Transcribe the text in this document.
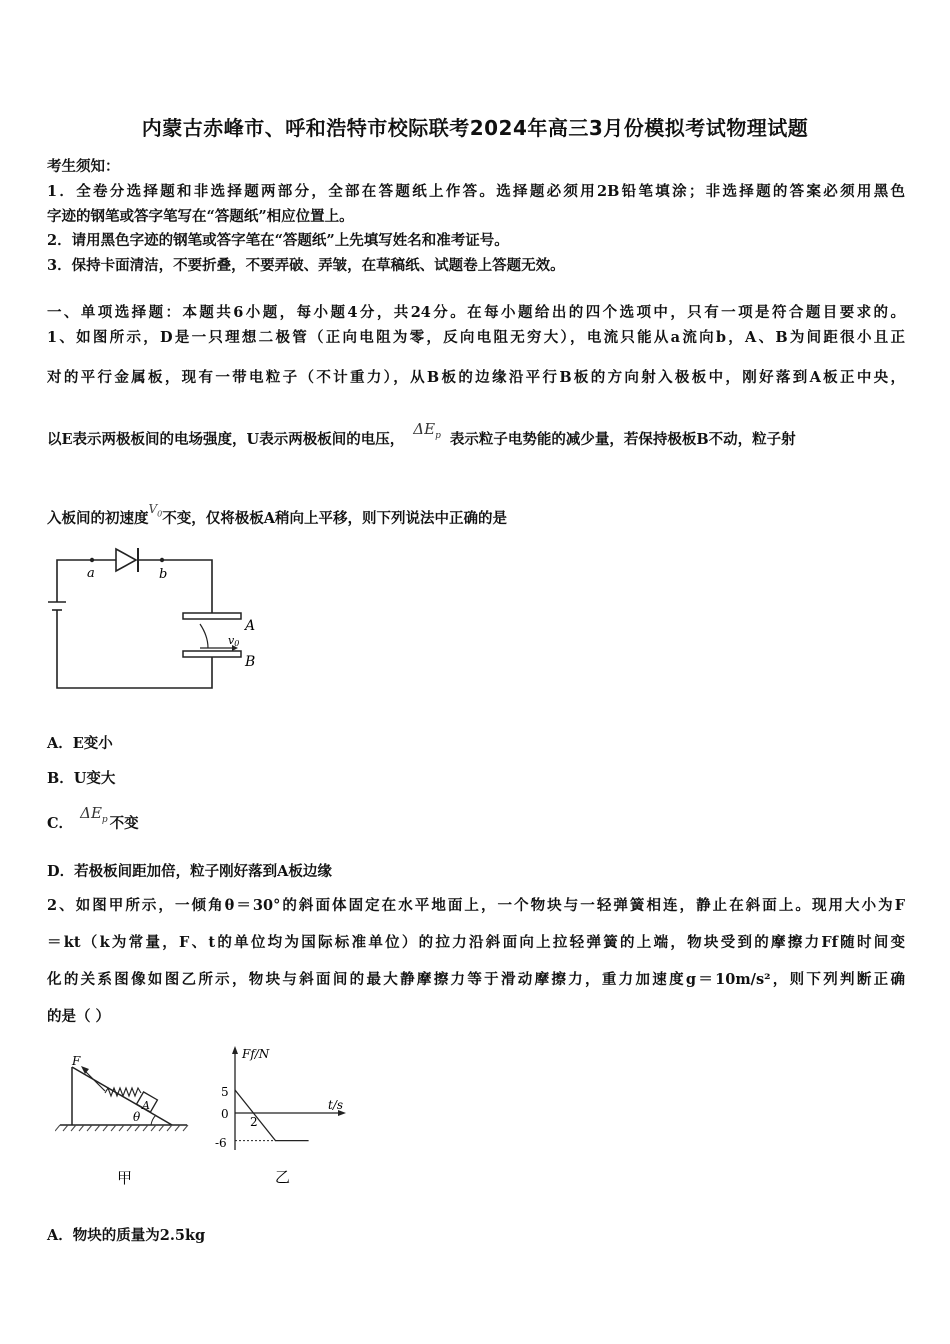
内蒙古赤峰市、呼和浩特市校际联考2024年高三3月份模拟考试物理试题
考生须知：
1．全卷分选择题和非选择题两部分，全部在答题纸上作答。选择题必须用2B铅笔填涂；非选择题的答案必须用黑色
字迹的钢笔或答字笔写在“答题纸”相应位置上。
2．请用黑色字迹的钢笔或答字笔在“答题纸”上先填写姓名和准考证号。
3．保持卡面清洁，不要折叠，不要弄破、弄皱，在草稿纸、试题卷上答题无效。
一、单项选择题：本题共6小题，每小题4分，共24分。在每小题给出的四个选项中，只有一项是符合题目要求的。
1、如图所示，D是一只理想二极管（正向电阻为零，反向电阻无穷大），电流只能从a流向b，A、B为间距很小且正
对的平行金属板，现有一带电粒子（不计重力），从B板的边缘沿平行B板的方向射入极板中，刚好落到A板正中央，
以E表示两极板间的电场强度，U表示两极板间的电压， $\Delta E_p$ 表示粒子电势能的减少量，若保持极板B不动，粒子射
入板间的初速度$^{V_0}$不变，仅将极板A稍向上平移，则下列说法中正确的是
a	b
A
B
v0
A．E变小
B．U变大
C． $\Delta E_p$ 不变
D．若极板间距加倍，粒子刚好落到A板边缘
2、如图甲所示，一倾角θ＝30°的斜面体固定在水平地面上，一个物块与一轻弹簧相连，静止在斜面上。现用大小为F
＝kt（k为常量，F、t的单位均为国际标准单位）的拉力沿斜面向上拉轻弹簧的上端，物块受到的摩擦力Ff随时间变
化的关系图像如图乙所示，物块与斜面间的最大静摩擦力等于滑动摩擦力，重力加速度g＝10m/s²，则下列判断正确
的是（ ）
A
F
θ
甲
Ff/N
t/s
5
0
-6
2
乙
A．物块的质量为2.5kg
